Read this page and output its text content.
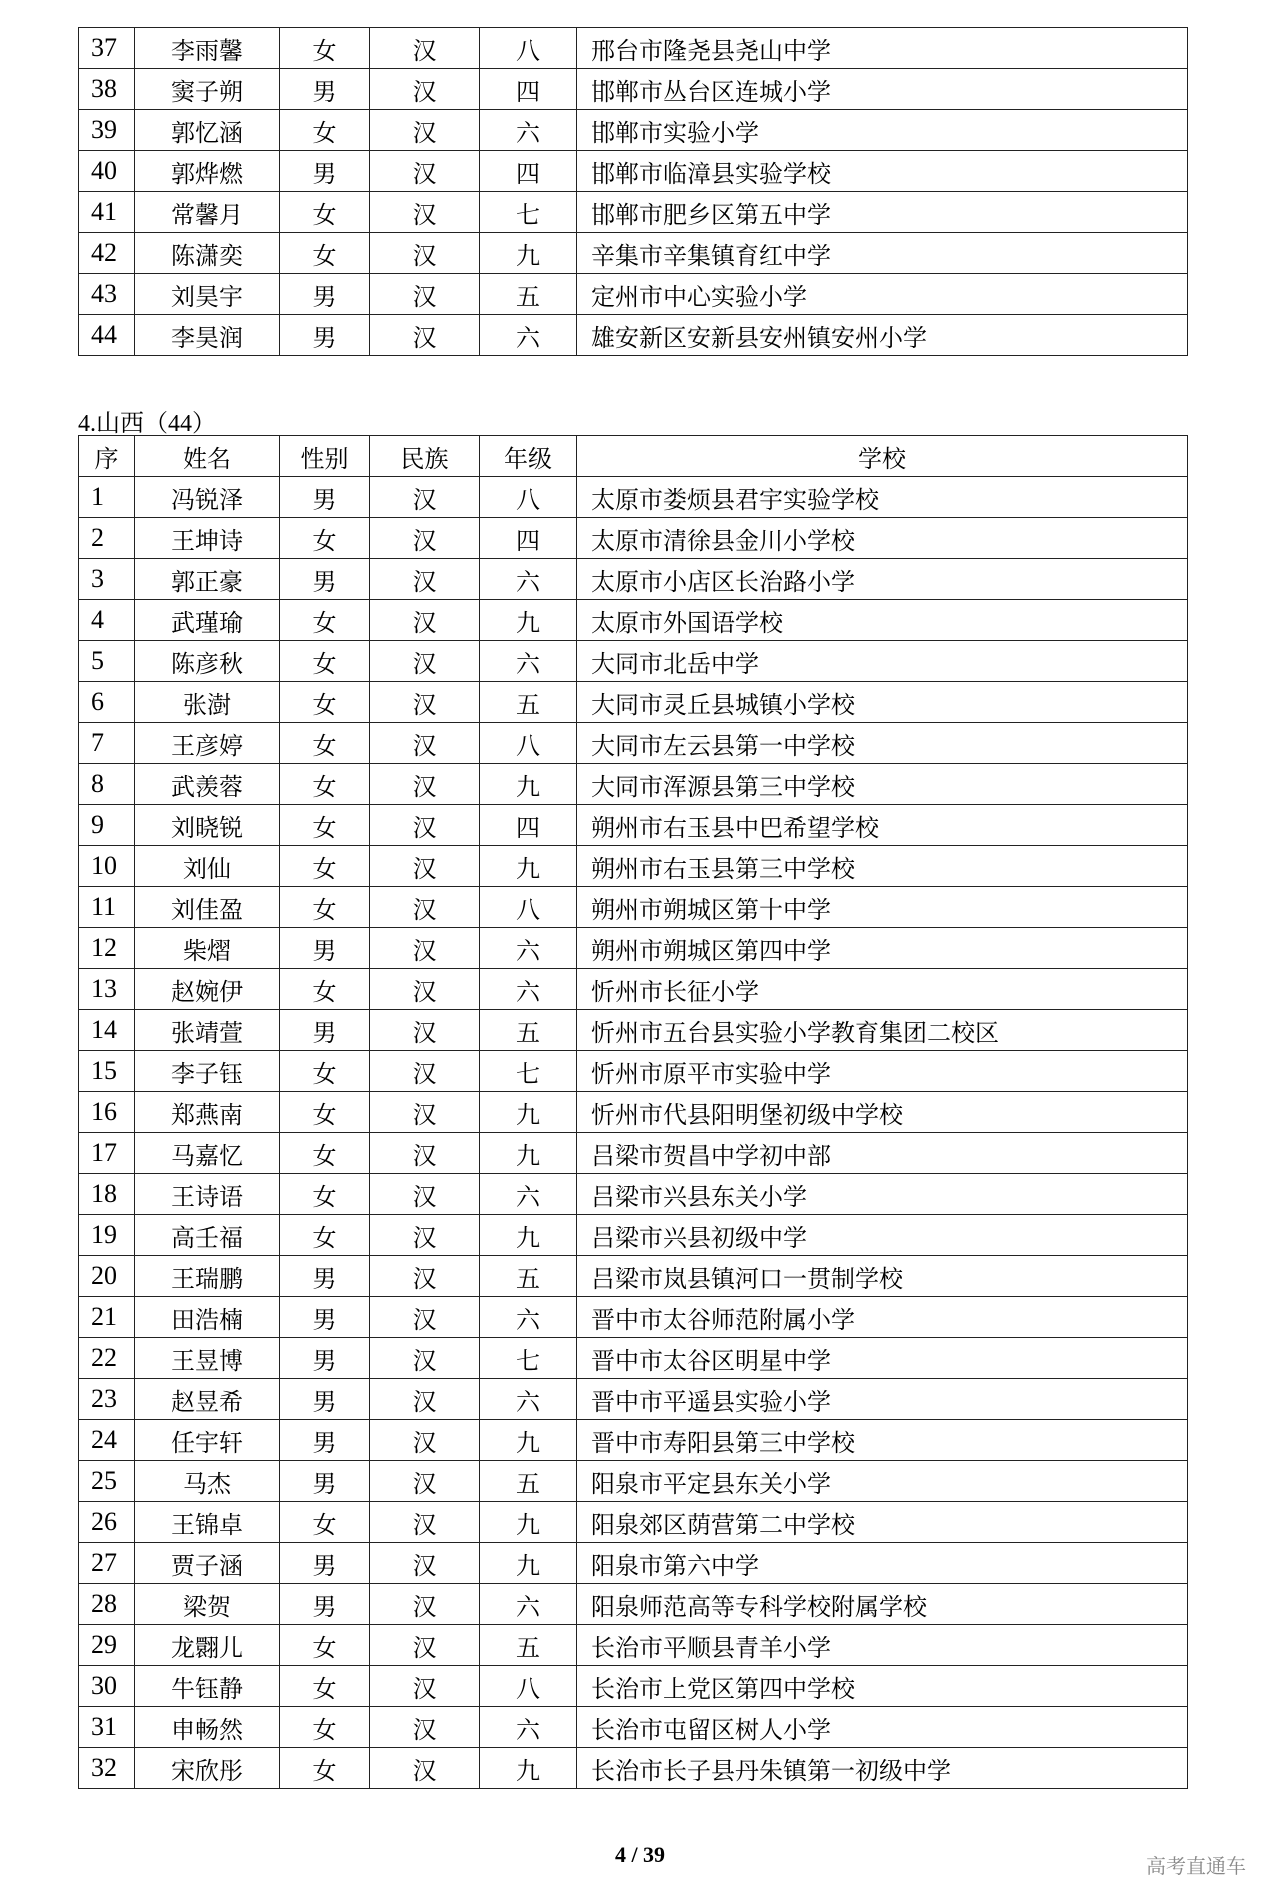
37	李雨馨	女	汉	八	邢台市隆尧县尧山中学
38	窦子朔	男	汉	四	邯郸市丛台区连城小学
39	郭忆涵	女	汉	六	邯郸市实验小学
40	郭烨燃	男	汉	四	邯郸市临漳县实验学校
41	常馨月	女	汉	七	邯郸市肥乡区第五中学
42	陈潇奕	女	汉	九	辛集市辛集镇育红中学
43	刘昊宇	男	汉	五	定州市中心实验小学
44	李昊润	男	汉	六	雄安新区安新县安州镇安州小学
4.山西（44）
序	姓名	性别	民族	年级	学校
1	冯锐泽	男	汉	八	太原市娄烦县君宇实验学校
2	王坤诗	女	汉	四	太原市清徐县金川小学校
3	郭正豪	男	汉	六	太原市小店区长治路小学
4	武瑾瑜	女	汉	九	太原市外国语学校
5	陈彦秋	女	汉	六	大同市北岳中学
6	张澍	女	汉	五	大同市灵丘县城镇小学校
7	王彦婷	女	汉	八	大同市左云县第一中学校
8	武羡蓉	女	汉	九	大同市浑源县第三中学校
9	刘晓锐	女	汉	四	朔州市右玉县中巴希望学校
10	刘仙	女	汉	九	朔州市右玉县第三中学校
11	刘佳盈	女	汉	八	朔州市朔城区第十中学
12	柴熠	男	汉	六	朔州市朔城区第四中学
13	赵婉伊	女	汉	六	忻州市长征小学
14	张靖萱	男	汉	五	忻州市五台县实验小学教育集团二校区
15	李子钰	女	汉	七	忻州市原平市实验中学
16	郑燕南	女	汉	九	忻州市代县阳明堡初级中学校
17	马嘉忆	女	汉	九	吕梁市贺昌中学初中部
18	王诗语	女	汉	六	吕梁市兴县东关小学
19	高壬福	女	汉	九	吕梁市兴县初级中学
20	王瑞鹏	男	汉	五	吕梁市岚县镇河口一贯制学校
21	田浩楠	男	汉	六	晋中市太谷师范附属小学
22	王昱博	男	汉	七	晋中市太谷区明星中学
23	赵昱希	男	汉	六	晋中市平遥县实验小学
24	任宇轩	男	汉	九	晋中市寿阳县第三中学校
25	马杰	男	汉	五	阳泉市平定县东关小学
26	王锦卓	女	汉	九	阳泉郊区荫营第二中学校
27	贾子涵	男	汉	九	阳泉市第六中学
28	梁贺	男	汉	六	阳泉师范高等专科学校附属学校
29	龙翾儿	女	汉	五	长治市平顺县青羊小学
30	牛钰静	女	汉	八	长治市上党区第四中学校
31	申畅然	女	汉	六	长治市屯留区树人小学
32	宋欣彤	女	汉	九	长治市长子县丹朱镇第一初级中学
4 / 39	高考直通车
